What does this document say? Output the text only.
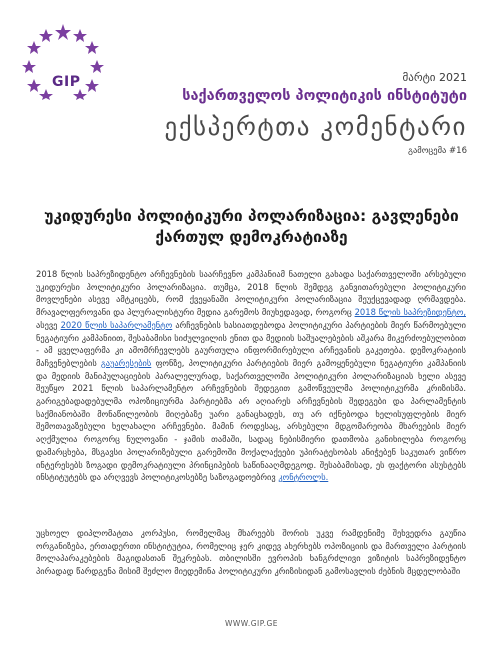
GIP	მარტი 2021
საქართველოს პოლიტიკის ინსტიტუტი
ექსპერტთა კომენტარი
გამოცემა #16
უკიდურესი პოლიტიკური პოლარიზაცია: გავლენები
ქართულ დემოკრატიაზე
2018 წლის საპრეზიდენტო არჩევნების საარჩევნო კამპანიამ ნათელი გახადა საქართველოში არსებული უკიდურესი პოლიტიკური პოლარიზაცია. თუმცა, 2018 წლის შემდეგ განვითარებული პოლიტიკური მოვლენები ასევე ამტკიცებს, რომ ქვეყანაში პოლიტიკური პოლარიზაცია შეუქცევადად ღრმავდება. მრავალფეროვანი და პლურალისტური მედია გარემოს მიუხედავად, როგორც 2018 წლის საპრეზიდენტო, ასევე 2020 წლის საპარლამენტო არჩევნების ხასიათდებოდა პოლიტიკური პარტიების მიერ წარმოებული ნეგატიური კამპანიით, შესაბამისი სიძულვილის ენით და მედიის საშუალებების აშკარა მიკერძოებულობით - ამ ყველაფერმა კი ამომრჩევლებს გაურთულა ინფორმირებული არჩევანის გაკეთება. დემოკრატიის მაჩვენებლების გაუარესების ფონზე, პოლიტიკური პარტიების მიერ გამოყენებული ნეგატიური კამპანიის და მედიის მანიპულაციების პარალელურად, საქართველოში პოლიტიკური პოლარიზაციას ხელი ასევე შეუწყო 2021 წლის საპარლამენტო არჩევნების შედეგით გამოწვეულმა პოლიტიკურმა კრიზისმა. გარიგებადადებულმა ოპოზიციურმა პარტიებმა არ აღიარეს არჩევნების შედეგები და პარლამენტის საქმიანობაში მონაწილეობის მიღებაზე უარი განაცხადეს, თუ არ იქნებოდა ხელისუფლების მიერ შემოთავაზებული ხელახალი არჩევნები. მამინ როდესაც, არსებული მდგომარეობა მხარეების მიერ აღქმულია როგორც ნულოვანი - ჯამის თამაში, სადაც ნებისმიერი დათმობა განიხილება როგორც დამარცხება, მსგავსი პოლარიზებული გარემოში მოქალაქეები უპირატესობას ანიჭებენ საკუთარ ვიწრო ინტერესებს ზოგადი დემოკრატიული პრინციპების საწინააღმდეგოდ. შესაბამისად, ეს ფაქტორი ასუსტებს ინსტიტუტებს და არღვევს პოლიტიკოსებზე საზოგადოებრივ კონტროლს.
უცხოელ დიპლომატთა კორპუსი, რომელმაც მხარეებს შორის უკვე რამდენიმე შეხვედრა გაუწია ორგანიზება, ერთადერთი ინსტიტუტია, რომელიც ჯერ კიდევ ახერხებს ოპოზიციის და მართველი პარტიის მოლაპარაკებების მაგიდასთან შეკრებას. თბილისში ევროპის ხანგრძლივი ვიზიტის საპრეზიდენტო პირადად წარდგენა მისიმ შეძლო მიედემინა პოლიტიკური კრიზისიდან გამოსავლის ძებნის მცდელობაში
WWW.GIP.GE
